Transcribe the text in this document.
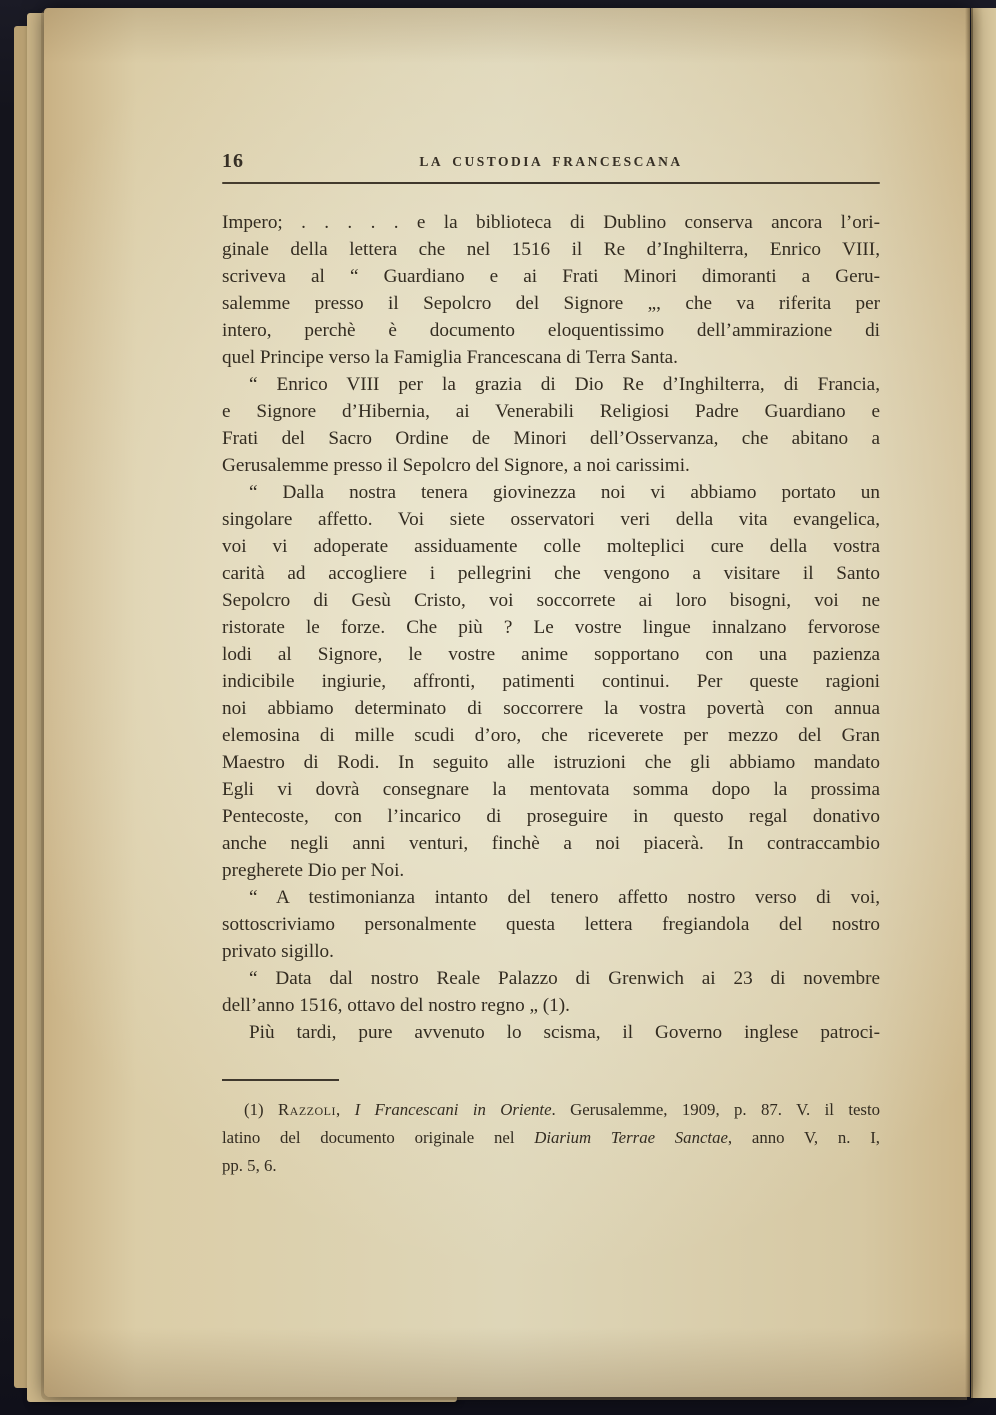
16	LA CUSTODIA FRANCESCANA
Impero; . . . . . e la biblioteca di Dublino conserva ancora l’ori-
ginale della lettera che nel 1516 il Re d’Inghilterra, Enrico VIII,
scriveva al “ Guardiano e ai Frati Minori dimoranti a Geru-
salemme presso il Sepolcro del Signore „, che va riferita per
intero, perchè è documento eloquentissimo dell’ammirazione di
quel Principe verso la Famiglia Francescana di Terra Santa.
“ Enrico VIII per la grazia di Dio Re d’Inghilterra, di Francia,
e Signore d’Hibernia, ai Venerabili Religiosi Padre Guardiano e
Frati del Sacro Ordine de Minori dell’Osservanza, che abitano a
Gerusalemme presso il Sepolcro del Signore, a noi carissimi.
“ Dalla nostra tenera giovinezza noi vi abbiamo portato un
singolare affetto. Voi siete osservatori veri della vita evangelica,
voi vi adoperate assiduamente colle molteplici cure della vostra
carità ad accogliere i pellegrini che vengono a visitare il Santo
Sepolcro di Gesù Cristo, voi soccorrete ai loro bisogni, voi ne
ristorate le forze. Che più ? Le vostre lingue innalzano fervorose
lodi al Signore, le vostre anime sopportano con una pazienza
indicibile ingiurie, affronti, patimenti continui. Per queste ragioni
noi abbiamo determinato di soccorrere la vostra povertà con annua
elemosina di mille scudi d’oro, che riceverete per mezzo del Gran
Maestro di Rodi. In seguito alle istruzioni che gli abbiamo mandato
Egli vi dovrà consegnare la mentovata somma dopo la prossima
Pentecoste, con l’incarico di proseguire in questo regal donativo
anche negli anni venturi, finchè a noi piacerà. In contraccambio
pregherete Dio per Noi.
“ A testimonianza intanto del tenero affetto nostro verso di voi,
sottoscriviamo personalmente questa lettera fregiandola del nostro
privato sigillo.
“ Data dal nostro Reale Palazzo di Grenwich ai 23 di novembre
dell’anno 1516, ottavo del nostro regno „ (1).
Più tardi, pure avvenuto lo scisma, il Governo inglese patroci-
(1) Razzoli, I Francescani in Oriente. Gerusalemme, 1909, p. 87. V. il testo
latino del documento originale nel Diarium Terrae Sanctae, anno V, n. I,
pp. 5, 6.
